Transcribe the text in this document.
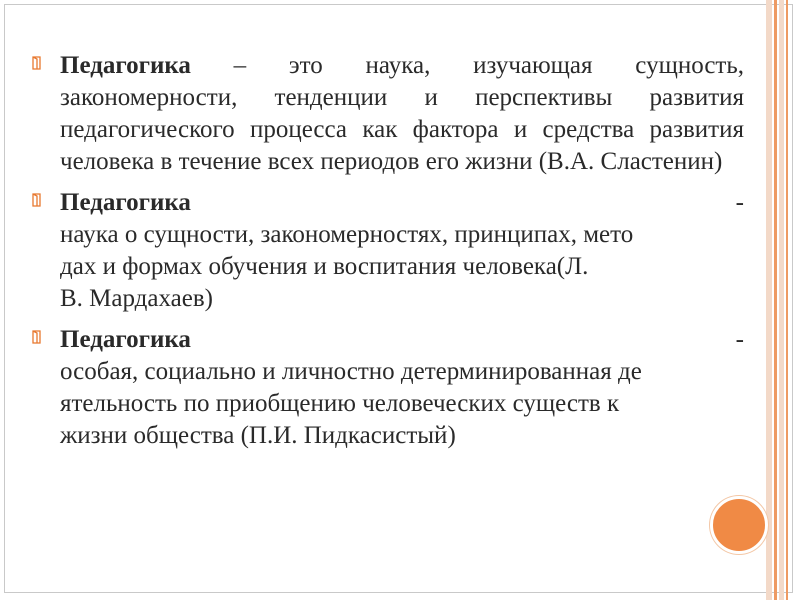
Педагогика – это наука, изучающая сущность, закономерности, тенденции и перспективы развития педагогического процесса как фактора и средства развития человека в течение всех периодов его жизни (В.А. Сластенин)
Педагогика	-
наука о сущности, закономерностях, принципах, мето
дах и формах обучения и воспитания человека(Л.
В. Мардахаев)
Педагогика	-
особая, социально и личностно детерминированная де
ятельность по приобщению человеческих существ к
жизни общества (П.И. Пидкасистый)
